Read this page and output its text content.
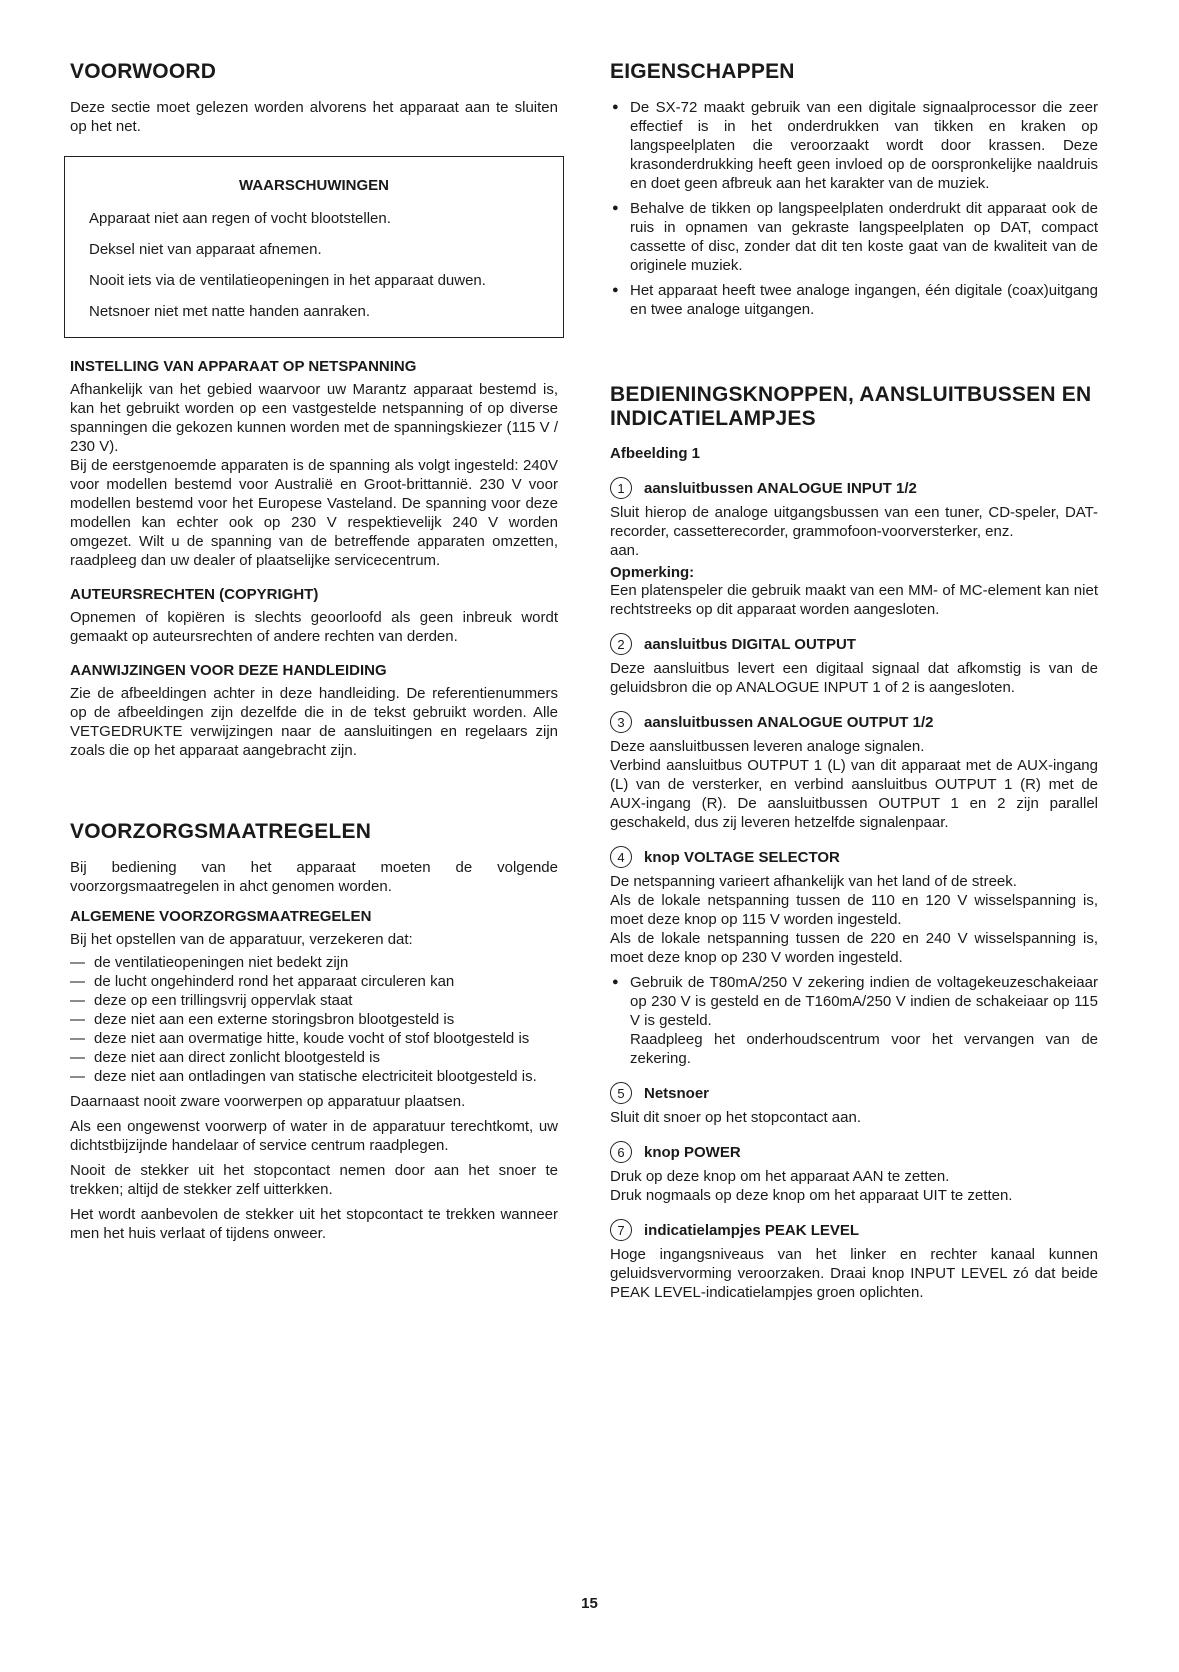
VOORWOORD

Deze sectie moet gelezen worden alvorens het apparaat aan te sluiten op het net.

WAARSCHUWINGEN

Apparaat niet aan regen of vocht blootstellen.

Deksel niet van apparaat afnemen.

Nooit iets via de ventilatieopeningen in het apparaat duwen.

Netsnoer niet met natte handen aanraken.

INSTELLING VAN APPARAAT OP NETSPANNING

Afhankelijk van het gebied waarvoor uw Marantz apparaat bestemd is, kan het gebruikt worden op een vastgestelde netspanning of op diverse spanningen die gekozen kunnen worden met de spanningskiezer (115 V / 230 V).

Bij de eerstgenoemde apparaten is de spanning als volgt ingesteld: 240V voor modellen bestemd voor Australië en Groot-brittannië. 230 V voor modellen bestemd voor het Europese Vasteland. De spanning voor deze modellen kan echter ook op 230 V respektievelijk 240 V worden omgezet. Wilt u de spanning van de betreffende apparaten omzetten, raadpleeg dan uw dealer of plaatselijke servicecentrum.

AUTEURSRECHTEN (COPYRIGHT)

Opnemen of kopiëren is slechts geoorloofd als geen inbreuk wordt gemaakt op auteursrechten of andere rechten van derden.

AANWIJZINGEN VOOR DEZE HANDLEIDING

Zie de afbeeldingen achter in deze handleiding. De referentienummers op de afbeeldingen zijn dezelfde die in de tekst gebruikt worden. Alle VETGEDRUKTE verwijzingen naar de aansluitingen en regelaars zijn zoals die op het apparaat aangebracht zijn.

VOORZORGSMAATREGELEN

Bij bediening van het apparaat moeten de volgende voorzorgsmaatregelen in ahct genomen worden.

ALGEMENE VOORZORGSMAATREGELEN

Bij het opstellen van de apparatuur, verzekeren dat:

— de ventilatieopeningen niet bedekt zijn
— de lucht ongehinderd rond het apparaat circuleren kan
— deze op een trillingsvrij oppervlak staat
— deze niet aan een externe storingsbron blootgesteld is
— deze niet aan overmatige hitte, koude vocht of stof blootgesteld is
— deze niet aan direct zonlicht blootgesteld is
— deze niet aan ontladingen van statische electriciteit blootgesteld is.

Daarnaast nooit zware voorwerpen op apparatuur plaatsen.

Als een ongewenst voorwerp of water in de apparatuur terechtkomt, uw dichtstbijzijnde handelaar of service centrum raadplegen.

Nooit de stekker uit het stopcontact nemen door aan het snoer te trekken; altijd de stekker zelf uitterkken.

Het wordt aanbevolen de stekker uit het stopcontact te trekken wanneer men het huis verlaat of tijdens onweer.

EIGENSCHAPPEN
● De SX-72 maakt gebruik van een digitale signaalprocessor die zeer effectief is in het onderdrukken van tikken en kraken op langspeelplaten die veroorzaakt wordt door krassen. Deze krasonderdrukking heeft geen invloed op de oorspronkelijke naaldruis en doet geen afbreuk aan het karakter van de muziek.
● Behalve de tikken op langspeelplaten onderdrukt dit apparaat ook de ruis in opnamen van gekraste langspeelplaten op DAT, compact cassette of disc, zonder dat dit ten koste gaat van de kwaliteit van de originele muziek.
● Het apparaat heeft twee analoge ingangen, één digitale (coax)uitgang en twee analoge uitgangen.
BEDIENINGSKNOPPEN, AANSLUITBUSSEN EN INDICATIELAMPJES
Afbeelding 1
1	aansluitbussen ANALOGUE INPUT 1/2

Sluit hierop de analoge uitgangsbussen van een tuner, CD-speler, DAT-recorder, cassetterecorder, grammofoon-voorversterker, enz.

aan.

Opmerking:

Een platenspeler die gebruik maakt van een MM- of MC-element kan niet rechtstreeks op dit apparaat worden aangesloten.

2	aansluitbus DIGITAL OUTPUT

Deze aansluitbus levert een digitaal signaal dat afkomstig is van de geluidsbron die op ANALOGUE INPUT 1 of 2 is aangesloten.

3	aansluitbussen ANALOGUE OUTPUT 1/2

Deze aansluitbussen leveren analoge signalen.

Verbind aansluitbus OUTPUT 1 (L) van dit apparaat met de AUX-ingang (L) van de versterker, en verbind aansluitbus OUTPUT 1 (R) met de AUX-ingang (R). De aansluitbussen OUTPUT 1 en 2 zijn parallel geschakeld, dus zij leveren hetzelfde signalenpaar.

4	knop VOLTAGE SELECTOR

De netspanning varieert afhankelijk van het land of de streek.

Als de lokale netspanning tussen de 110 en 120 V wisselspanning is, moet deze knop op 115 V worden ingesteld.

Als de lokale netspanning tussen de 220 en 240 V wisselspanning is, moet deze knop op 230 V worden ingesteld.

● Gebruik de T80mA/250 V zekering indien de voltagekeuzeschakeiaar op 230 V is gesteld en de T160mA/250 V indien de schakeiaar op 115 V is gesteld.
Raadpleeg het onderhoudscentrum voor het vervangen van de zekering.
5	Netsnoer

Sluit dit snoer op het stopcontact aan.

6	knop POWER

Druk op deze knop om het apparaat AAN te zetten.

Druk nogmaals op deze knop om het apparaat UIT te zetten.

7	indicatielampjes PEAK LEVEL

Hoge ingangsniveaus van het linker en rechter kanaal kunnen geluidsvervorming veroorzaken. Draai knop INPUT LEVEL zó dat beide PEAK LEVEL-indicatielampjes groen oplichten.

15
